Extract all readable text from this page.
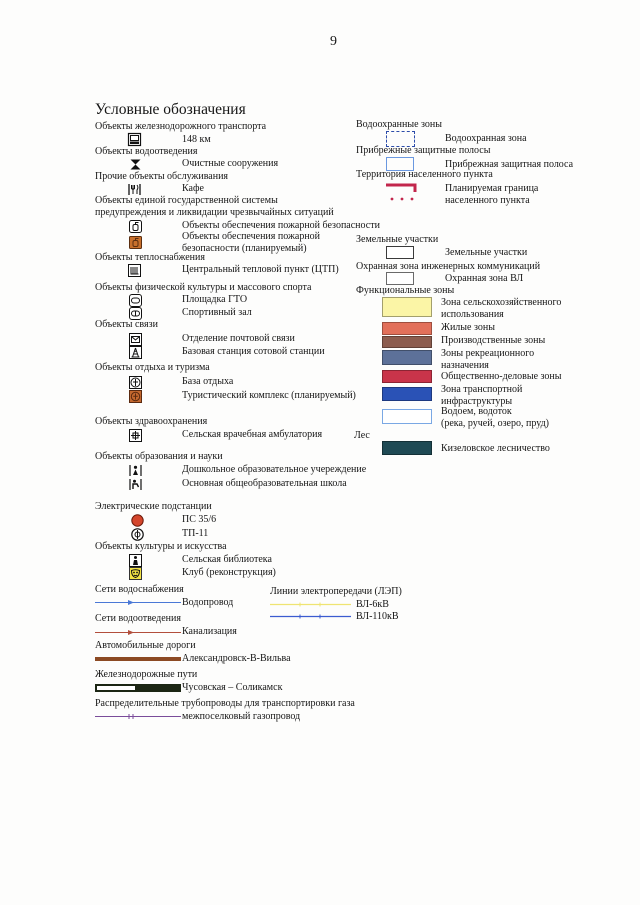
9
Условные обозначения
Объекты железнодорожного транспорта
148 км
Объекты водоотведения
Очистные сооружения
Прочие объекты обслуживания
Кафе
Объекты единой государственной системы
предупреждения и ликвидации чрезвычайных ситуаций
Объекты обеспечения пожарной безопасности
Объекты обеспечения пожарной
безопасности (планируемый)
Объекты теплоснабжения
Центральный тепловой пункт (ЦТП)
Объекты физической культуры и массового спорта
Площадка ГТО
Спортивный зал
Объекты связи
Отделение почтовой связи
Базовая станция сотовой станции
Объекты отдыха и туризма
База отдыха
Туристический комплекс (планируемый)
Объекты здравоохранения
Сельская врачебная амбулатория
Объекты образования и науки
Дошкольное образовательное учереждение
Основная общеобразовательная школа
Электрические подстанции
ПС 35/6
ТП-11
Объекты культуры и искусства
Сельская библиотека
Клуб (реконструкция)
Сети водоснабжения
Водопровод
Сети водоотведения
Канализация
Автомобильные дороги
Александровск-В-Вильва
Железнодорожные пути
Чусовская – Соликамск
Распределительные трубопроводы для транспортировки газа
межпоселковый газопровод
Линии электропередачи (ЛЭП)
ВЛ-6кВ
ВЛ-110кВ
Водоохранные зоны
Водоохранная зона
Прибрежные защитные полосы
Прибрежная защитная полоса
Территория населенного пункта
Планируемая граница
населенного пункта
Земельные участки
Земельные участки
Охранная зона инженерных коммуникаций
Охранная зона ВЛ
Функциональные зоны
Зона сельскохозяйственного
использования
Жилые зоны
Производственные зоны
Зоны рекреационного
назначения
Общественно-деловые зоны
Зона транспортной
инфраструктуры
Водоем, водоток
(река, ручей, озеро, пруд)
Лес
Кизеловское лесничество
